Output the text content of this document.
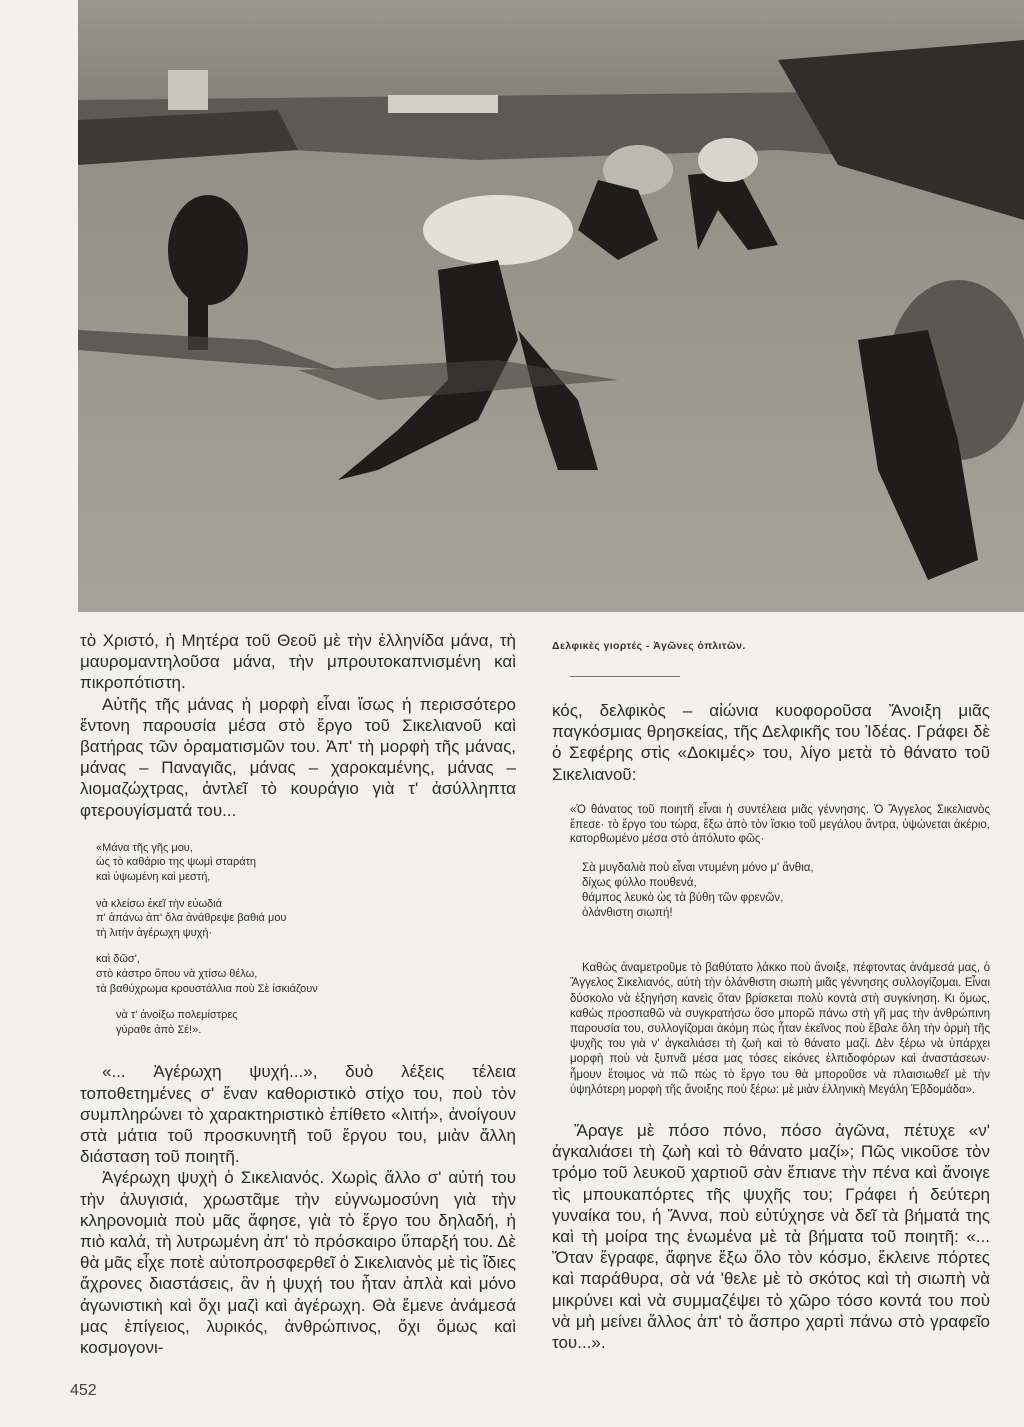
Δελφικὲς γιορτές - Ἀγῶνες ὁπλιτῶν.

τὸ Χριστό, ἡ Μητέρα τοῦ Θεοῦ μὲ τὴν ἑλληνίδα μάνα, τὴ μαυρομαντηλοῦσα μάνα, τὴν μπρουτοκαπνισμένη καὶ πικροπότιστη.

Αὐτῆς τῆς μάνας ἡ μορφὴ εἶναι ἴσως ἡ περισσότερο ἔντονη παρουσία μέσα στὸ ἔργο τοῦ Σικελιανοῦ καὶ βατήρας τῶν ὁραματισμῶν του. Ἀπ' τὴ μορφὴ τῆς μάνας, μάνας – Παναγιᾶς, μάνας – χαροκαμένης, μάνας – λιομαζώχτρας, ἀντλεῖ τὸ κουράγιο γιὰ τ' ἀσύλληπτα φτερουγίσματά του...

«Μάνα τῆς γῆς μου,
ὡς τὸ καθάριο της ψωμὶ σταράτη
καὶ ὑψωμένη καὶ μεστή,
νὰ κλείσω ἐκεῖ τὴν εὐωδιά
π' ἀπάνω ἀπ' ὅλα ἀνάθρεψε βαθιά μου
τὴ λιτὴν ἀγέρωχη ψυχή·
καὶ δῶσ',
στὸ κάστρο ὅπου νὰ χτίσω θέλω,
τὰ βαθύχρωμα κρουστάλλια ποὺ Σὲ ἰσκιάζουν
νὰ τ' ἀνοίξω πολεμίστρες
γύραθε ἀπὸ Σέ!».

«... Ἀγέρωχη ψυχή...», δυὸ λέξεις τέλεια τοποθετημένες σ' ἕναν καθοριστικὸ στίχο του, ποὺ τὸν συμπληρώνει τὸ χαρακτηριστικὸ ἐπίθετο «λιτή», ἀνοίγουν στὰ μάτια τοῦ προσκυνητῆ τοῦ ἔργου του, μιὰν ἄλλη διάσταση τοῦ ποιητῆ.

Ἀγέρωχη ψυχὴ ὁ Σικελιανός. Χωρὶς ἄλλο σ' αὐτή του τὴν ἀλυγισιά, χρωστᾶμε τὴν εὐγνωμοσύνη γιὰ τὴν κληρονομιὰ ποὺ μᾶς ἄφησε, γιὰ τὸ ἔργο του δηλαδή, ἡ πιὸ καλά, τὴ λυτρωμένη ἀπ' τὸ πρόσκαιρο ὕπαρξή του. Δὲ θὰ μᾶς εἶχε ποτὲ αὐτοπροσφερθεῖ ὁ Σικελιανὸς μὲ τὶς ἴδιες ἄχρονες διαστάσεις, ἂν ἡ ψυχή του ἦταν ἁπλὰ καὶ μόνο ἀγωνιστικὴ καὶ ὄχι μαζὶ καὶ ἀγέρωχη. Θὰ ἔμενε ἀνάμεσά μας ἐπίγειος, λυρικός, ἀνθρώπινος, ὄχι ὅμως καὶ κοσμογονι-

κός, δελφικὸς – αἰώνια κυοφοροῦσα Ἄνοιξη μιᾶς παγκόσμιας θρησκείας, τῆς Δελφικῆς του Ἰδέας. Γράφει δὲ ὁ Σεφέρης στὶς «Δοκιμές» του, λίγο μετὰ τὸ θάνατο τοῦ Σικελιανοῦ:

«Ὁ θάνατος τοῦ ποιητῆ εἶναι ἡ συντέλεια μιᾶς γέννησης. Ὁ Ἄγγελος Σικελιανὸς ἔπεσε· τὸ ἔργο του τώρα, ἔξω ἀπὸ τὸν ἴσκιο τοῦ μεγάλου ἄντρα, ὑψώνεται ἀκέριο, κατορθωμένο μέσα στὸ ἀπόλυτο φῶς·
Σὰ μυγδαλιὰ ποὺ εἶναι ντυμένη μόνο μ' ἄνθια,
δίχως φύλλο πουθενά,
θάμπος λευκὸ ὡς τὰ βύθη τῶν φρενῶν,
ὁλάνθιστη σιωπή!
Καθὼς ἀναμετροῦμε τὸ βαθύτατο λάκκο ποὺ ἄνοιξε, πέφτοντας ἀνάμεσά μας, ὁ Ἄγγελος Σικελιανός, αὐτὴ τὴν ὁλάνθιστη σιωπὴ μιᾶς γέννησης συλλογίζομαι. Εἶναι δύσκολο νὰ ἐξηγήση κανεὶς ὅταν βρίσκεται πολὺ κοντὰ στὴ συγκίνηση. Κι ὅμως, καθὼς προσπαθῶ νὰ συγκρατήσω ὅσο μπορῶ πάνω στὴ γῆ μας τὴν ἀνθρώπινη παρουσία του, συλλογίζομαι ἀκόμη πὼς ἦταν ἐκεῖνος ποὺ ἔβαλε ὅλη τὴν ὁρμὴ τῆς ψυχῆς του γιὰ ν' ἀγκαλιάσει τὴ ζωὴ καὶ τὸ θάνατο μαζί. Δὲν ξέρω νὰ ὑπάρχει μορφὴ ποὺ νὰ ξυπνᾶ μέσα μας τόσες εἰκόνες ἐλπιδοφόρων καὶ ἀναστάσεων· ἦμουν ἕτοιμος νὰ πῶ πὼς τὸ ἔργο του θὰ μποροῦσε νὰ πλαισιωθεῖ μὲ τὴν ὑψηλότερη μορφὴ τῆς ἄνοιξης ποὺ ξέρω: μὲ μιὰν ἑλληνικὴ Μεγάλη Ἑβδομάδα».

Ἄραγε μὲ πόσο πόνο, πόσο ἀγῶνα, πέτυχε «ν' ἀγκαλιάσει τὴ ζωὴ καὶ τὸ θάνατο μαζί»; Πῶς νικοῦσε τὸν τρόμο τοῦ λευκοῦ χαρτιοῦ σὰν ἔπιανε τὴν πένα καὶ ἄνοιγε τὶς μπουκαπόρτες τῆς ψυχῆς του; Γράφει ἡ δεύτερη γυναίκα του, ἡ Ἄννα, ποὺ εὐτύχησε νὰ δεῖ τὰ βήματά της καὶ τὴ μοίρα της ἑνωμένα μὲ τὰ βήματα τοῦ ποιητῆ: «... Ὅταν ἔγραφε, ἄφηνε ἔξω ὅλο τὸν κόσμο, ἔκλεινε πόρτες καὶ παράθυρα, σὰ νά 'θελε μὲ τὸ σκότος καὶ τὴ σιωπὴ νὰ μικρύνει καὶ νὰ συμμαζέψει τὸ χῶρο τόσο κοντά του ποὺ νὰ μὴ μείνει ἄλλος ἀπ' τὸ ἄσπρο χαρτὶ πάνω στὸ γραφεῖο του...».

452
